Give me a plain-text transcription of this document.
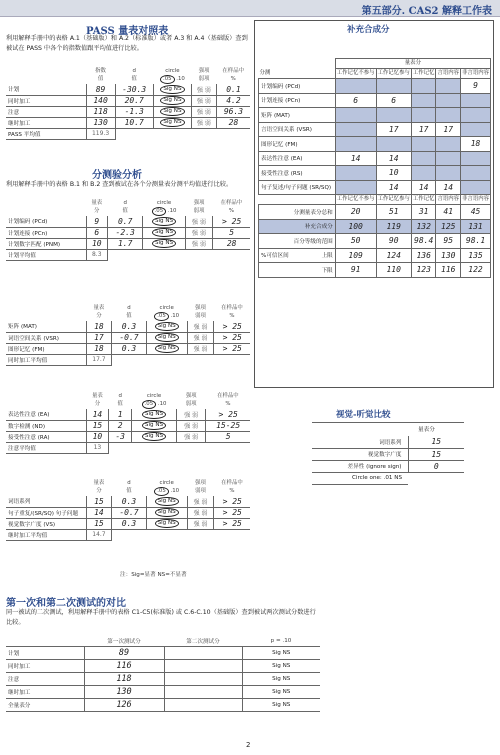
第五部分. CAS2 解释工作表
PASS 量表对照表
利用解释手册中的表格 A.1（基础版）和 A.2（标准版）或者 A.3 和 A.4（基础版）查到被试在 PASS 中各个的指数值跟平均值进行比较。
	指数	d	circle	强项	在样品中
	值	值	.05 .10	弱项	%
计划	89	-30.3	Sig NS	强 弱	0.1
同时加工	140	20.7	Sig NS	强 弱	4.2
注意	118	-1.3	Sig NS	强 弱	96.3
继时加工	130	10.7	Sig NS	强 弱	28
PASS 平均值	119.3				
分测验分析
利用解释手册中的表格 B.1 和 B.2 查到被试在各个分测量表分测平均值进行比较。
	量表	d	circle	强项	在样品中
	分	值	.05 .10	弱项	%
计划编码 (PCd)	9	0.7	Sig NS	强 弱	> 25
计划连接 (PCn)	6	-2.3	Sig NS	强 弱	5
计划数字匹配 (PNM)	10	1.7	Sig NS	强 弱	28
计划平均值	8.3				
	量表	d	circle	强项	在样品中
	分	值	.05 .10	弱项	%
矩阵 (MAT)	18	0.3	Sig NS	强 弱	> 25
词语空间关系 (VSR)	17	-0.7	Sig NS	强 弱	> 25
图形记忆 (FM)	18	0.3	Sig NS	强 弱	> 25
同时加工平均值	17.7				
	量表	d	circle	强项	在样品中
	分	值	.05 .10	弱项	%
表达性注意 (EA)	14	1	Sig NS	强 弱	> 25
数字检测 (ND)	15	2	Sig NS	强 弱	15-25
接受性注意 (RA)	10	-3	Sig NS	强 弱	5
注意平均值	13				
	量表	d	circle	强项	在样品中
	分	值	.05 .10	弱项	%
词语系列	15	0.3	Sig NS	强 弱	> 25
句子重复/(SR/SQ) 句子问题	14	-0.7	Sig NS	强 弱	> 25
视觉数字广度 (VS)	15	0.3	Sig NS	强 弱	> 25
继时加工平均值	14.7				
注：Sig=显著 NS=不显著
补充合成分
	量表分				
分测	工作记忆不参与	工作记忆参与	工作记忆	言语内容	非言语内容
计划编码 (PCd)					9
计划连接 (PCn)	6	6			
矩阵 (MAT)					
言语空间关系 (VSR)		17	17	17	
图形记忆 (FM)					18
表达性注意 (EA)	14	14			
接受性注意 (RS)		10			
句子复述/句子问题 (SR/SQ)		14	14	14	
	工作记忆不参与	工作记忆参与	工作记忆	言语内容	非言语内容
分测量表分总和	20	51	31	41	45
补充合成分	100	119	132	125	131
百分等级的范围	50	90	98.4	95	98.1

%可信区间 上限	109	124	136	130	135
下限	91	110	123	116	122
视觉-听觉比较
量表分
词语系列	15
视觉数字广度	15
差异性 (ignore sign)	0
Circle one: .01 NS	
第一次和第二次测试的对比
同一被试的二次测试，利用解释手册中的表格 C1-C5(标准版) 或 C.6-C.10（基础版）查到被试两次测试分数进行比较。
	第一次测试分	第二次测试分	p = .10
计划	89		Sig NS
同时加工	116		Sig NS
注意	118		Sig NS
继时加工	130		Sig NS
全量表分	126		Sig NS
2
